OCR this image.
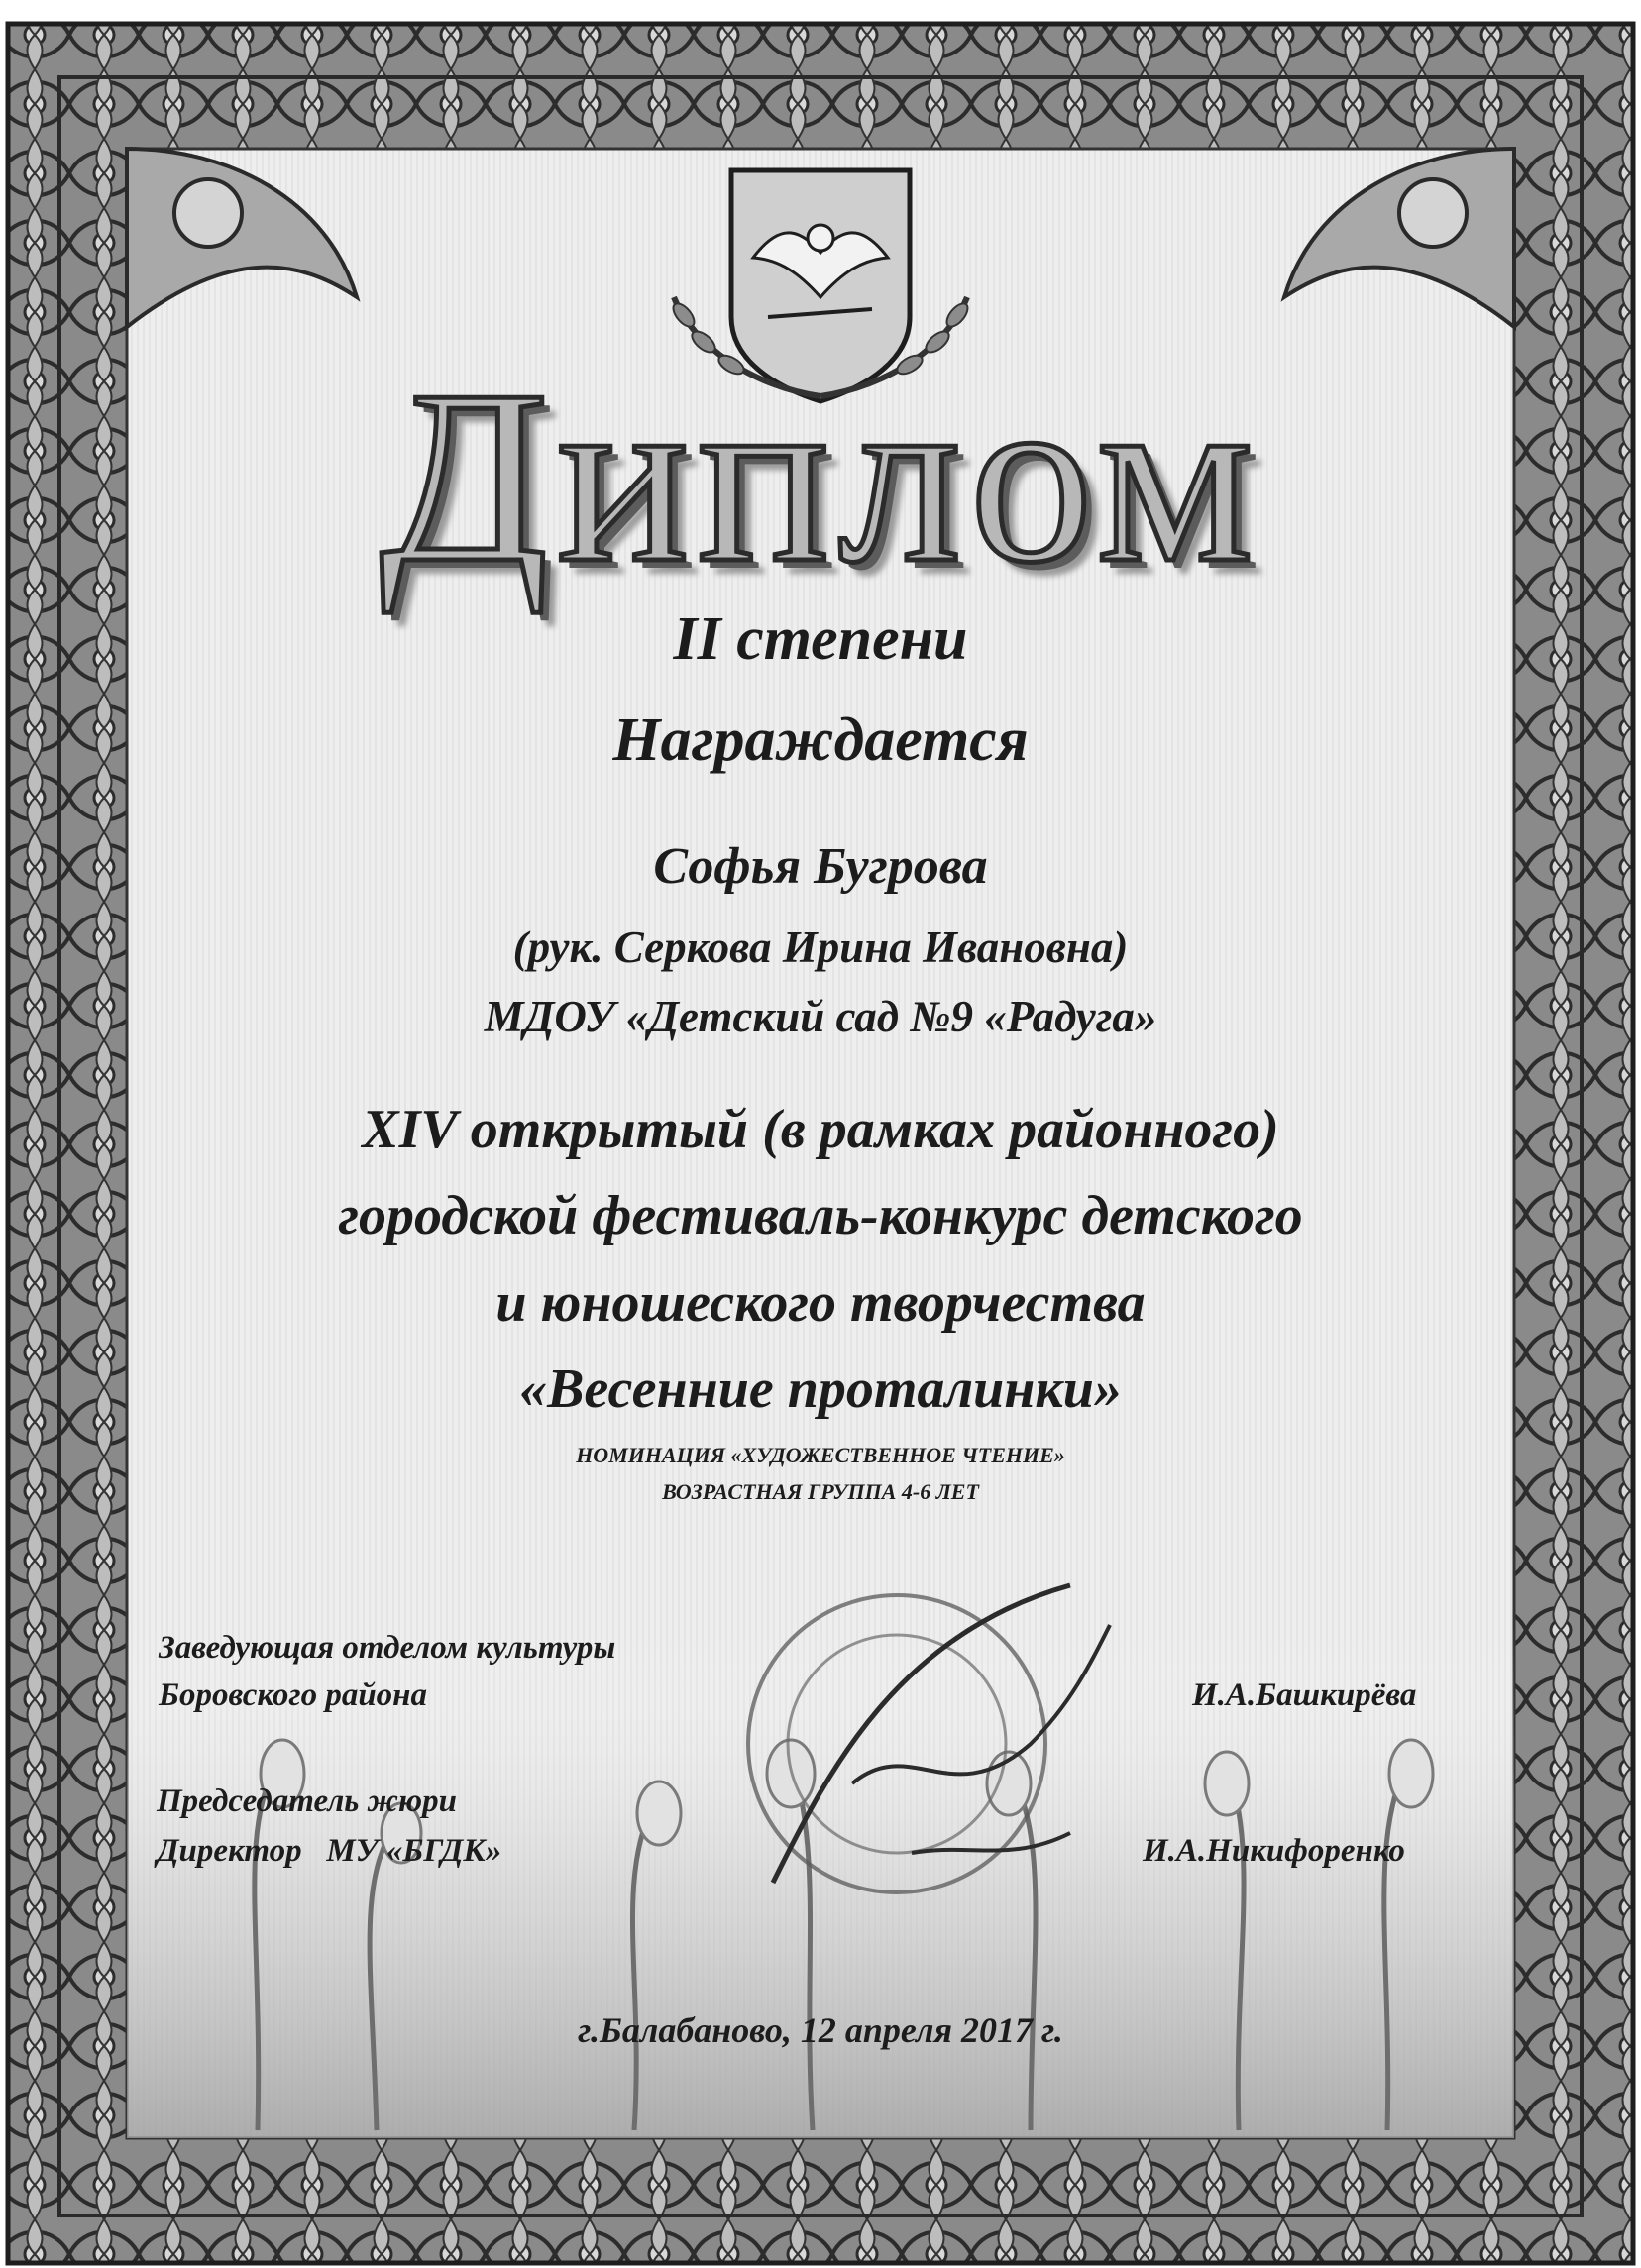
Диплом
II степени
Награждается
Софья Бугрова
(рук. Серкова Ирина Ивановна)
МДОУ «Детский сад №9 «Радуга»
XIV открытый (в рамках районного)
городской фестиваль-конкурс детского
и юношеского творчества
«Весенние проталинки»
НОМИНАЦИЯ «ХУДОЖЕСТВЕННОЕ ЧТЕНИЕ»
ВОЗРАСТНАЯ ГРУППА 4-6 ЛЕТ
Заведующая отделом культуры
Боровского района	И.А.Башкирёва
Председатель жюри
Директор   МУ «БГДК»	И.А.Никифоренко
г.Балабаново, 12 апреля 2017 г.
